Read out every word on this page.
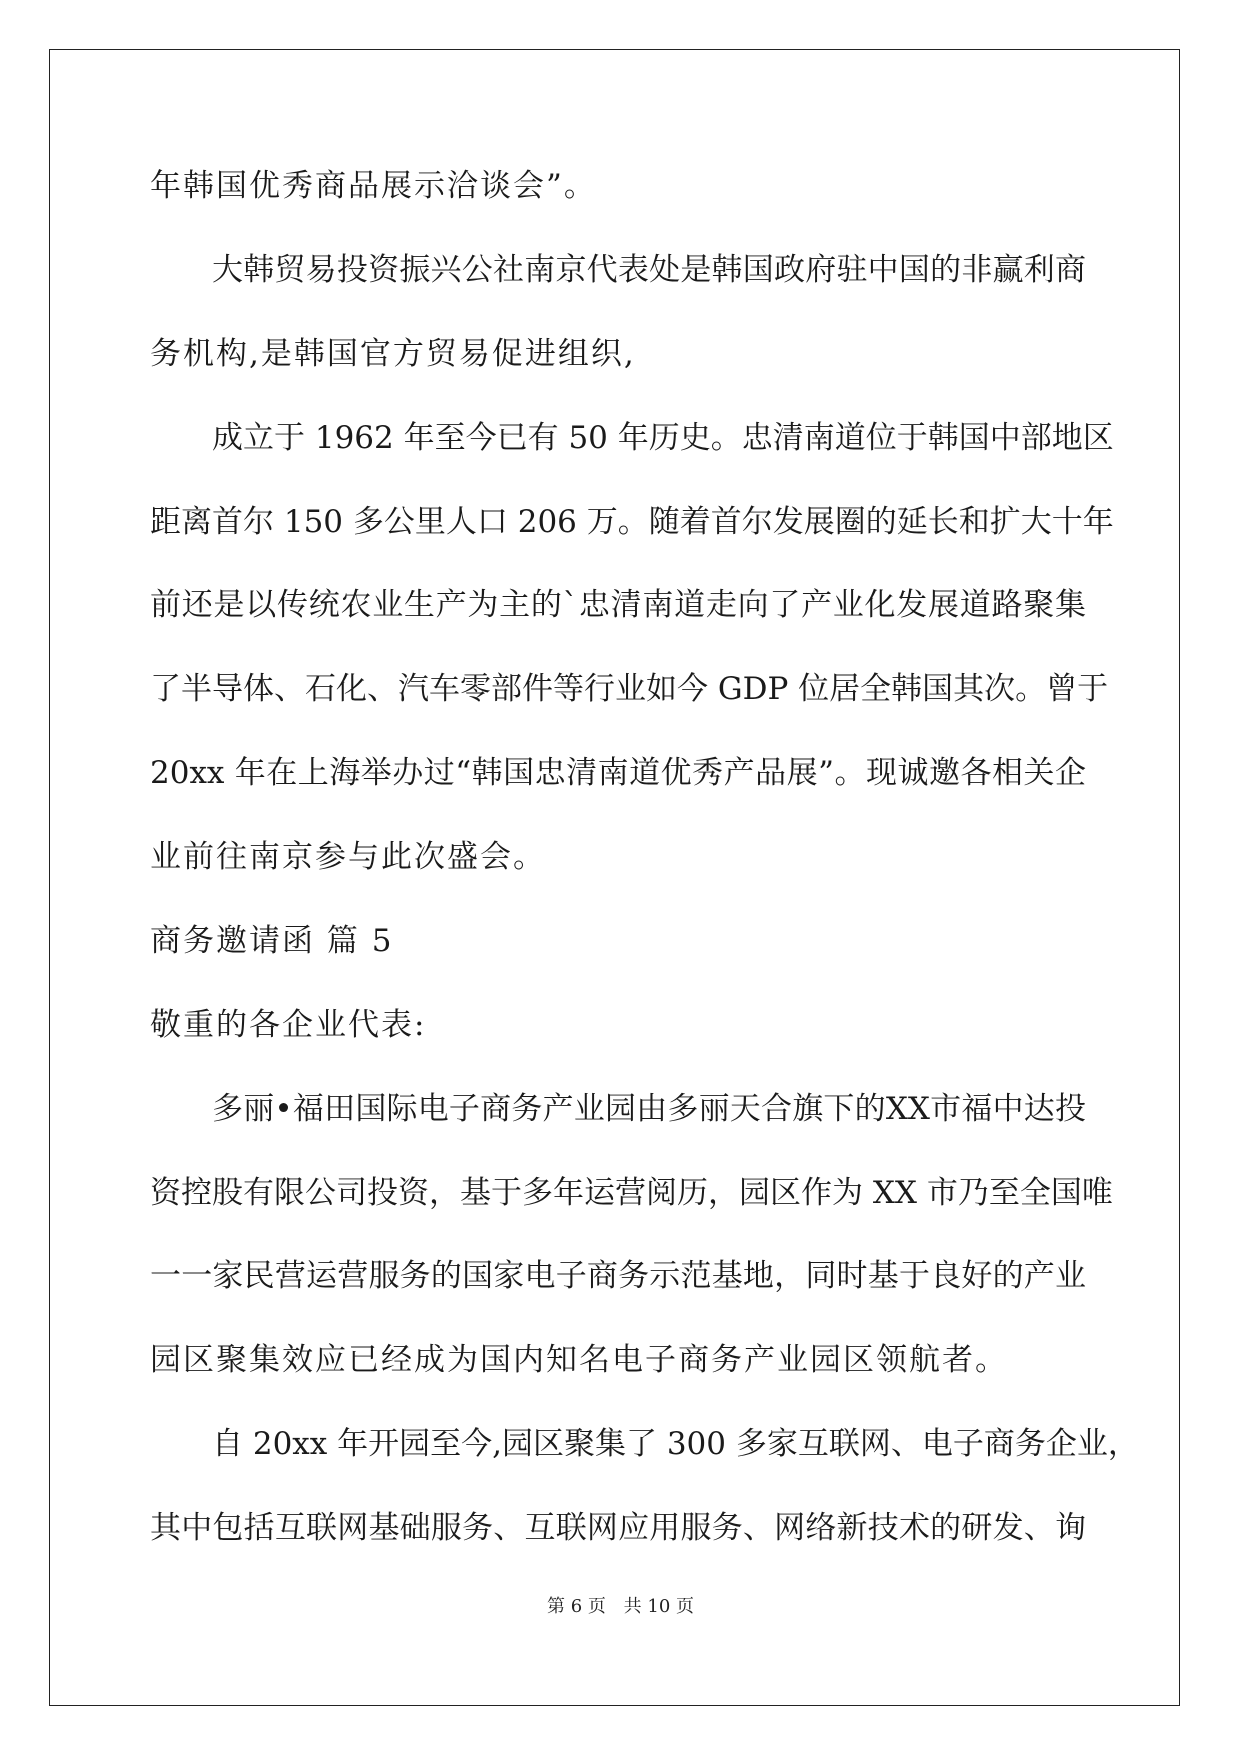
年韩国优秀商品展示洽谈会”。
大韩贸易投资振兴公社南京代表处是韩国政府驻中国的非赢利商
务机构,是韩国官方贸易促进组织,
成立于 1962 年至今已有 50 年历史。忠清南道位于韩国中部地区
距离首尔 150 多公里人口 206 万。随着首尔发展圈的延长和扩大十年
前还是以传统农业生产为主的`忠清南道走向了产业化发展道路聚集
了半导体、石化、汽车零部件等行业如今 GDP 位居全韩国其次。曾于
20xx 年在上海举办过“韩国忠清南道优秀产品展”。现诚邀各相关企
业前往南京参与此次盛会。
商务邀请函 篇 5
敬重的各企业代表:
多丽•福田国际电子商务产业园由多丽天合旗下的XX市福中达投
资控股有限公司投资，基于多年运营阅历，园区作为 XX 市乃至全国唯
一一家民营运营服务的国家电子商务示范基地，同时基于良好的产业
园区聚集效应已经成为国内知名电子商务产业园区领航者。
自 20xx 年开园至今,园区聚集了 300 多家互联网、电子商务企业，
其中包括互联网基础服务、互联网应用服务、网络新技术的研发、询
第 6 页 共 10 页
